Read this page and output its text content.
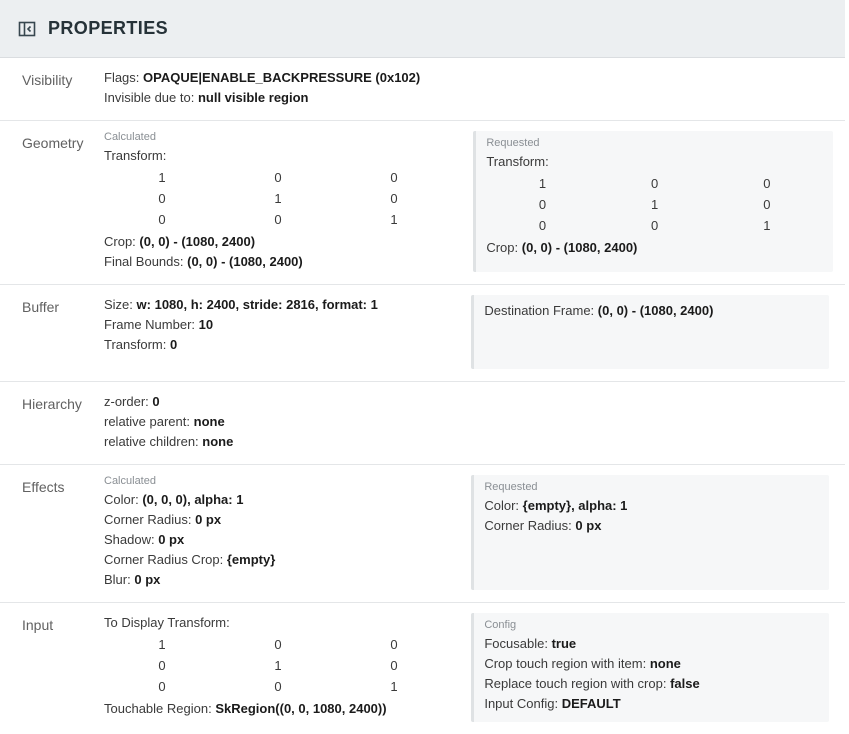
PROPERTIES
Visibility	Flags: OPAQUE|ENABLE_BACKPRESSURE (0x102)
Invisible due to: null visible region
Geometry	Calculated
Transform:
1	0	0
0	1	0
0	0	1
Crop: (0, 0) - (1080, 2400)
Final Bounds: (0, 0) - (1080, 2400)
Requested
Transform:
1	0	0
0	1	0
0	0	1
Crop: (0, 0) - (1080, 2400)
Buffer	Size: w: 1080, h: 2400, stride: 2816, format: 1
Frame Number: 10
Transform: 0
Destination Frame: (0, 0) - (1080, 2400)

Hierarchy	z-order: 0
relative parent: none
relative children: none
Effects	Calculated
Color: (0, 0, 0), alpha: 1
Corner Radius: 0 px
Shadow: 0 px
Corner Radius Crop: {empty}
Blur: 0 px
Requested
Color: {empty}, alpha: 1
Corner Radius: 0 px

Input	To Display Transform:
1	0	0
0	1	0
0	0	1
Touchable Region: SkRegion((0, 0, 1080, 2400))
Config
Focusable: true
Crop touch region with item: none
Replace touch region with crop: false
Input Config: DEFAULT
